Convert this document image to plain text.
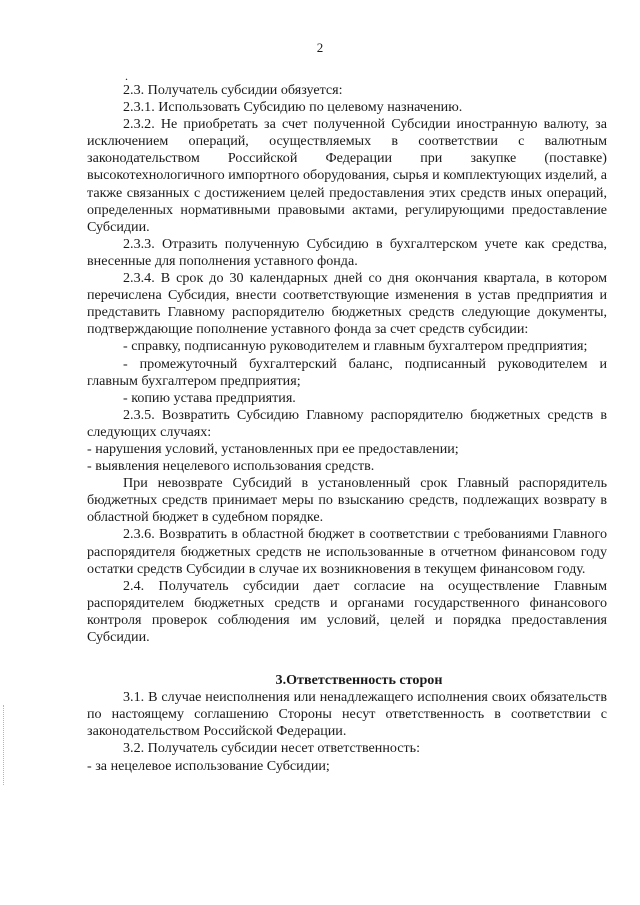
2
.

2.3. Получатель субсидии обязуется:

2.3.1. Использовать Субсидию по целевому назначению.

2.3.2. Не приобретать за счет полученной Субсидии иностранную валюту, за исключением операций, осуществляемых в соответствии с валютным законодательством Российской Федерации при закупке (поставке) высокотехнологичного импортного оборудования, сырья и комплектующих изделий, а также связанных с достижением целей предоставления этих средств иных операций, определенных нормативными правовыми актами, регулирующими предоставление Субсидии.

2.3.3. Отразить полученную Субсидию в бухгалтерском учете как средства, внесенные для пополнения уставного фонда.

2.3.4. В срок до 30 календарных дней со дня окончания квартала, в котором перечислена Субсидия, внести соответствующие изменения в устав предприятия и представить Главному распорядителю бюджетных средств следующие документы, подтверждающие пополнение уставного фонда за счет средств субсидии:

- справку, подписанную руководителем и главным бухгалтером предприятия;

- промежуточный бухгалтерский баланс, подписанный руководителем и главным бухгалтером предприятия;

- копию устава предприятия.

2.3.5. Возвратить Субсидию Главному распорядителю бюджетных средств в следующих случаях:

- нарушения условий, установленных при ее предоставлении;

- выявления нецелевого использования средств.

При невозврате Субсидий в установленный срок Главный распорядитель бюджетных средств принимает меры по взысканию средств, подлежащих возврату в областной бюджет в судебном порядке.

2.3.6. Возвратить в областной бюджет в соответствии с требованиями Главного распорядителя бюджетных средств не использованные в отчетном финансовом году остатки средств Субсидии в случае их возникновения в текущем финансовом году.

2.4. Получатель субсидии дает согласие на осуществление Главным распорядителем бюджетных средств и органами государственного финансового контроля проверок соблюдения им условий, целей и порядка предоставления Субсидии.

3.Ответственность сторон

3.1. В случае неисполнения или ненадлежащего исполнения своих обязательств по настоящему соглашению Стороны несут ответственность в соответствии с законодательством Российской Федерации.

3.2. Получатель субсидии несет ответственность:

- за нецелевое использование Субсидии;
